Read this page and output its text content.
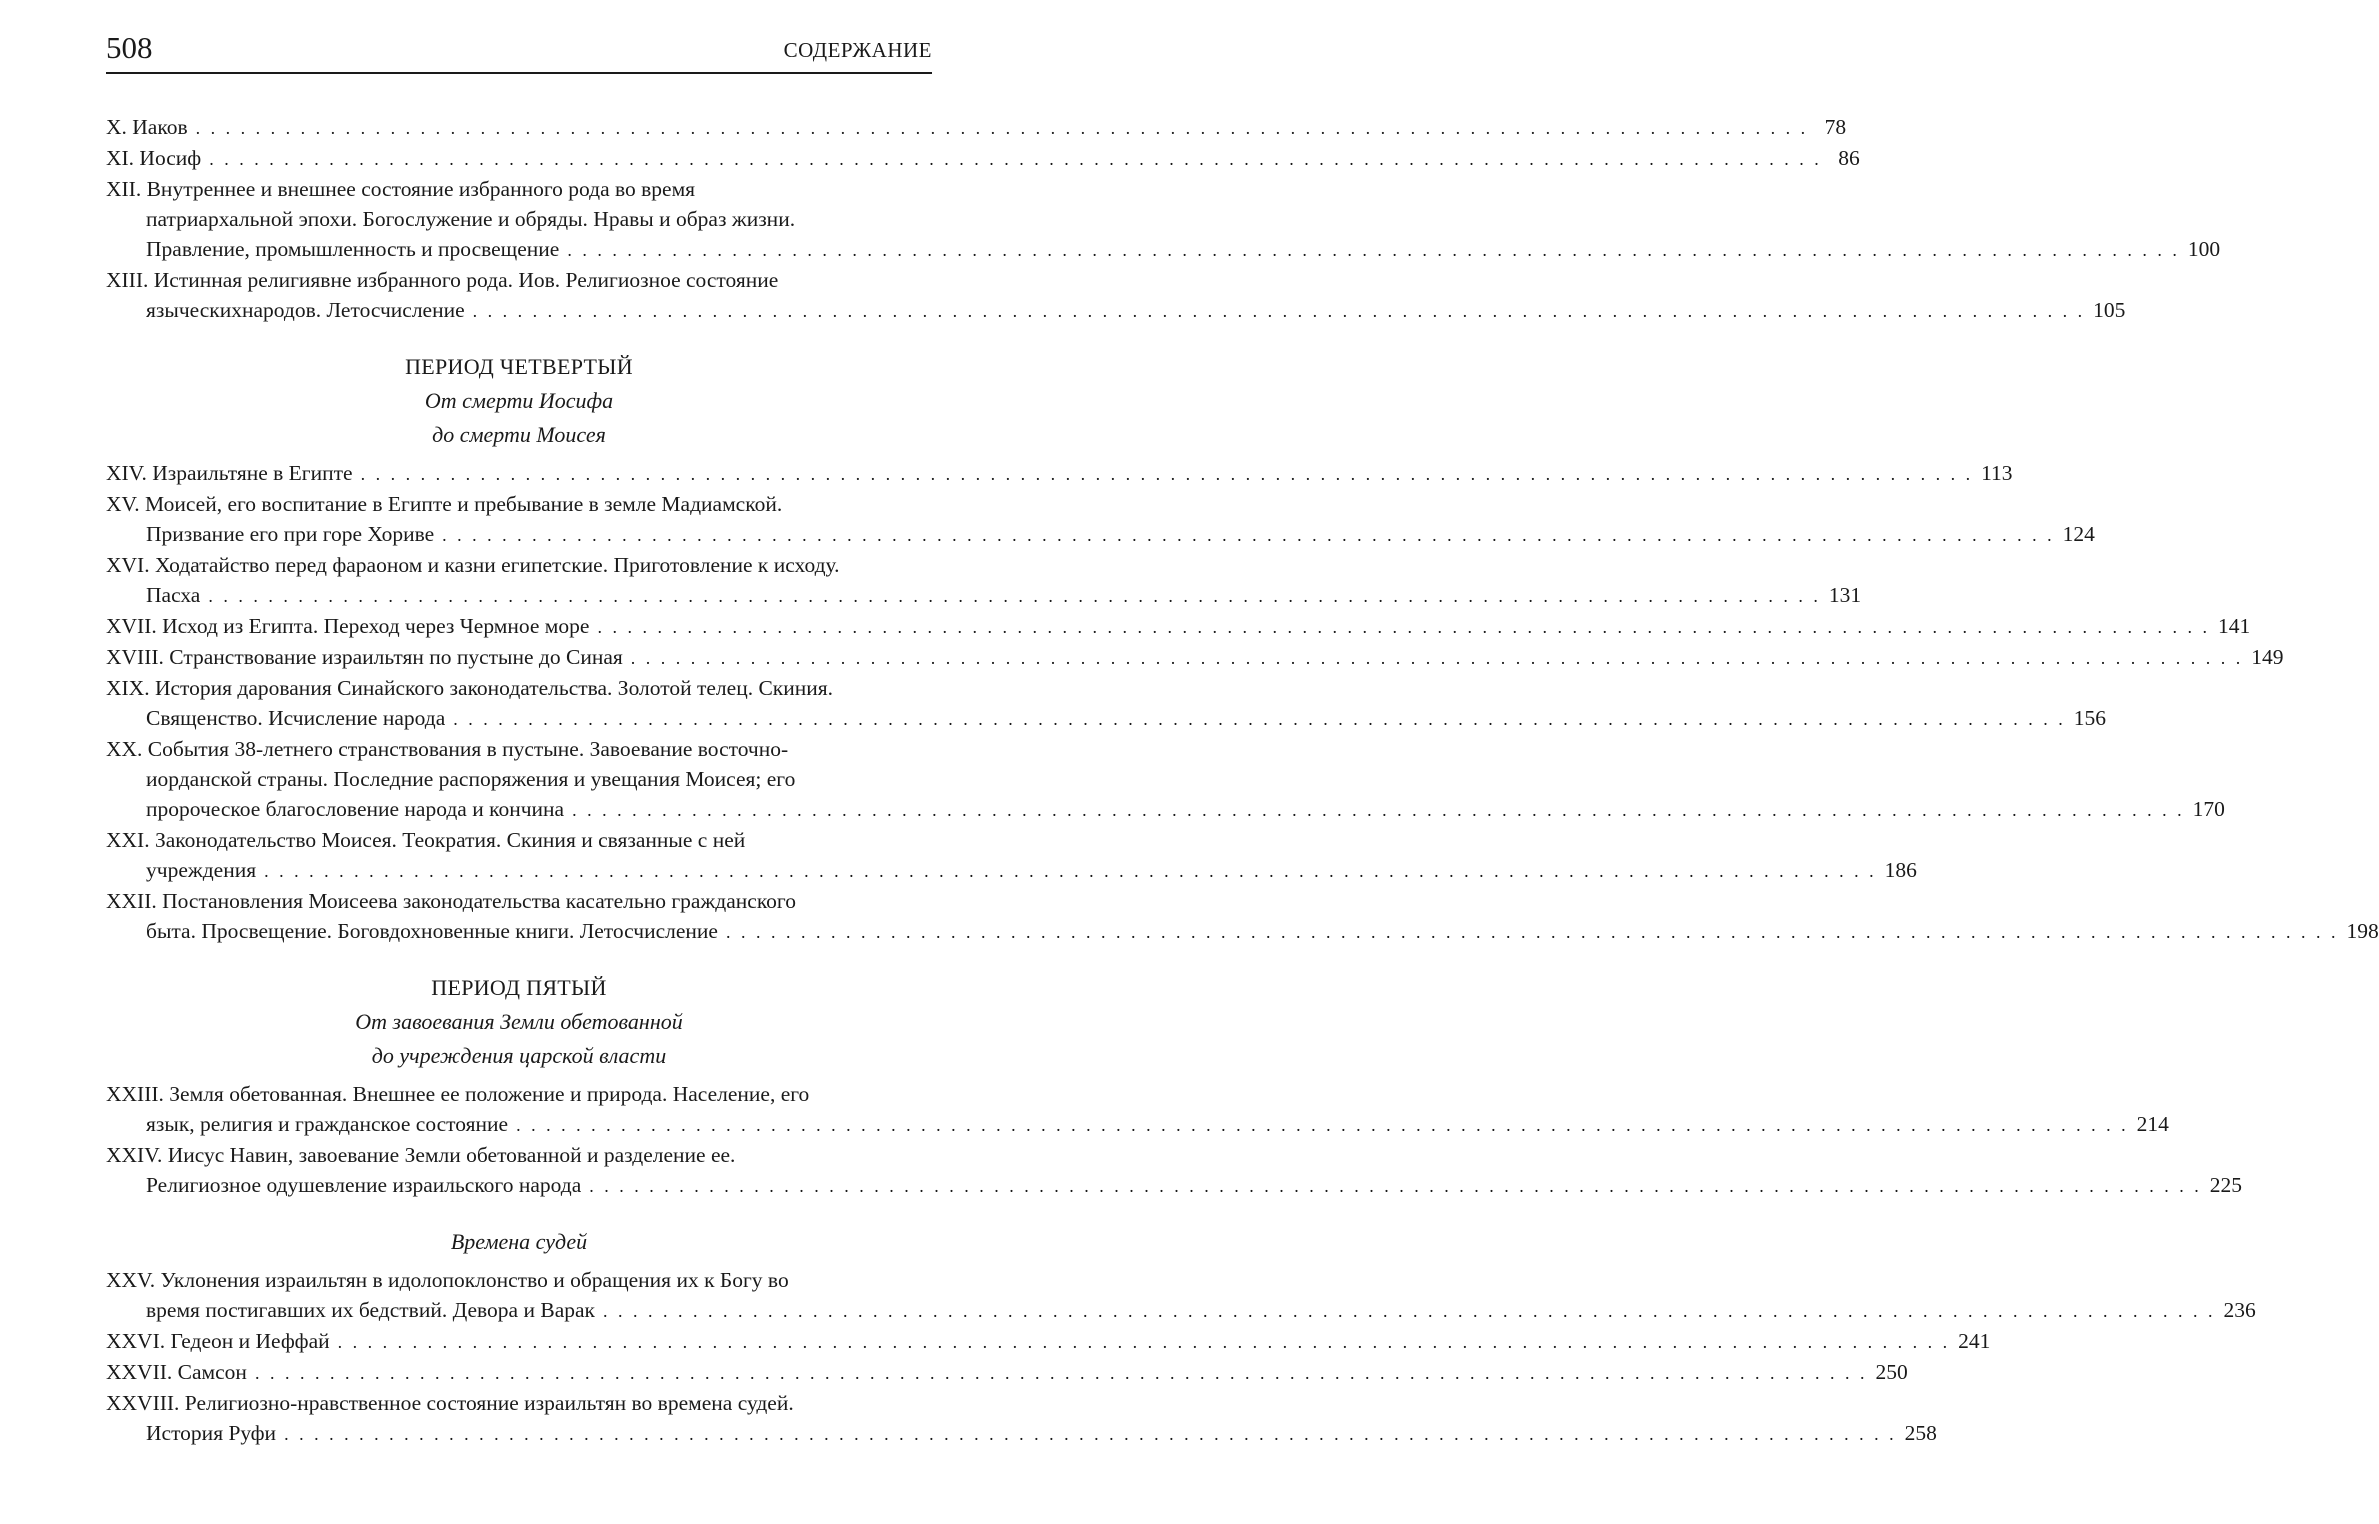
508	СОДЕРЖАНИЕ
X. Иаков . . .	78
XI. Иосиф . . .	86
XII. Внутреннее и внешнее состояние избранного рода во время
патриархальной эпохи. Богослужение и обряды. Нравы и образ жизни.
Правление, промышленность и просвещение . . .	100
XIII. Истинная религиявне избранного рода. Иов. Религиозное состояние
языческихнародов. Летосчисление . . .	105
ПЕРИОД ЧЕТВЕРТЫЙ
От смерти Иосифа
до смерти Моисея
XIV. Израильтяне в Египте . . .	113
XV. Моисей, его воспитание в Египте и пребывание в земле Мадиамской.
Призвание его при горе Хориве . . .	124
XVI. Ходатайство перед фараоном и казни египетские. Приготовление к исходу.
Пасха . . .	131
XVII. Исход из Египта. Переход через Чермное море . . .	141
XVIII. Странствование израильтян по пустыне до Синая . . .	149
XIX. История дарования Синайского законодательства. Золотой телец. Скиния.
Священство. Исчисление народа . . .	156
XX. События 38-летнего странствования в пустыне. Завоевание восточно-
иорданской страны. Последние распоряжения и увещания Моисея; его
пророческое благословение народа и кончина . . .	170
XXI. Законодательство Моисея. Теократия. Скиния и связанные с ней
учреждения . . .	186
XXII. Постановления Моисеева законодательства касательно гражданского
быта. Просвещение. Боговдохновенные книги. Летосчисление . . .	198
ПЕРИОД ПЯТЫЙ
От завоевания Земли обетованной
до учреждения царской власти
XXIII. Земля обетованная. Внешнее ее положение и природа. Население, его
язык, религия и гражданское состояние . . .	214
XXIV. Иисус Навин, завоевание Земли обетованной и разделение ее.
Религиозное одушевление израильского народа . . .	225
Времена судей
XXV. Уклонения израильтян в идолопоклонство и обращения их к Богу во
время постигавших их бедствий. Девора и Варак . . .	236
XXVI. Гедеон и Иеффай . . .	241
XXVII. Самсон . . .	250
XXVIII. Религиозно-нравственное состояние израильтян во времена судей.
История Руфи . . .	258
